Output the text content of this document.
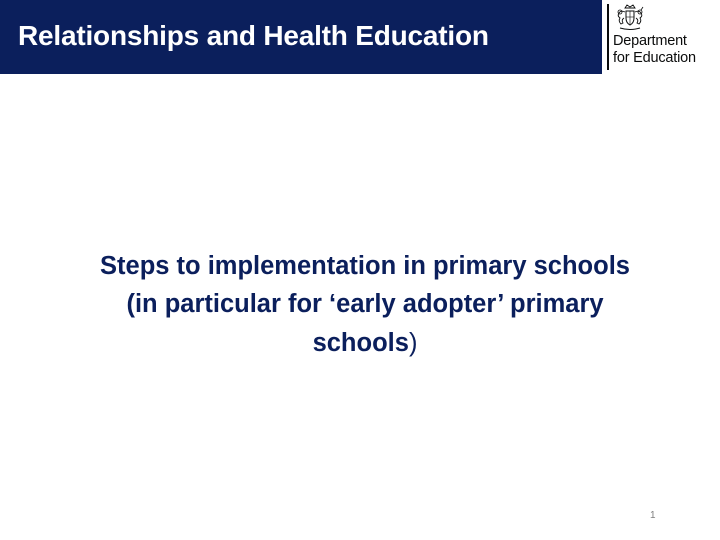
Relationships and Health Education	Department
for Education
Steps to implementation in primary schools
(in particular for ‘early adopter’ primary
schools)
1
